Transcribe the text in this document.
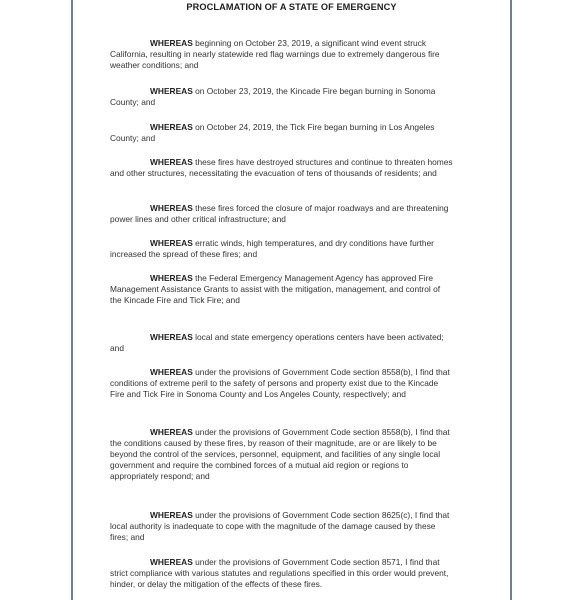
PROCLAMATION OF A STATE OF EMERGENCY

WHEREAS beginning on October 23, 2019, a significant wind event struck California, resulting in nearly statewide red flag warnings due to extremely dangerous fire weather conditions; and

WHEREAS on October 23, 2019, the Kincade Fire began burning in Sonoma County; and

WHEREAS on October 24, 2019, the Tick Fire began burning in Los Angeles County; and

WHEREAS these fires have destroyed structures and continue to threaten homes and other structures, necessitating the evacuation of tens of thousands of residents; and

WHEREAS these fires forced the closure of major roadways and are threatening power lines and other critical infrastructure; and

WHEREAS erratic winds, high temperatures, and dry conditions have further increased the spread of these fires; and

WHEREAS the Federal Emergency Management Agency has approved Fire Management Assistance Grants to assist with the mitigation, management, and control of the Kincade Fire and Tick Fire; and

WHEREAS local and state emergency operations centers have been activated; and

WHEREAS under the provisions of Government Code section 8558(b), I find that conditions of extreme peril to the safety of persons and property exist due to the Kincade Fire and Tick Fire in Sonoma County and Los Angeles County, respectively; and

WHEREAS under the provisions of Government Code section 8558(b), I find that the conditions caused by these fires, by reason of their magnitude, are or are likely to be beyond the control of the services, personnel, equipment, and facilities of any single local government and require the combined forces of a mutual aid region or regions to appropriately respond; and

WHEREAS under the provisions of Government Code section 8625(c), I find that local authority is inadequate to cope with the magnitude of the damage caused by these fires; and

WHEREAS under the provisions of Government Code section 8571, I find that strict compliance with various statutes and regulations specified in this order would prevent, hinder, or delay the mitigation of the effects of these fires.
